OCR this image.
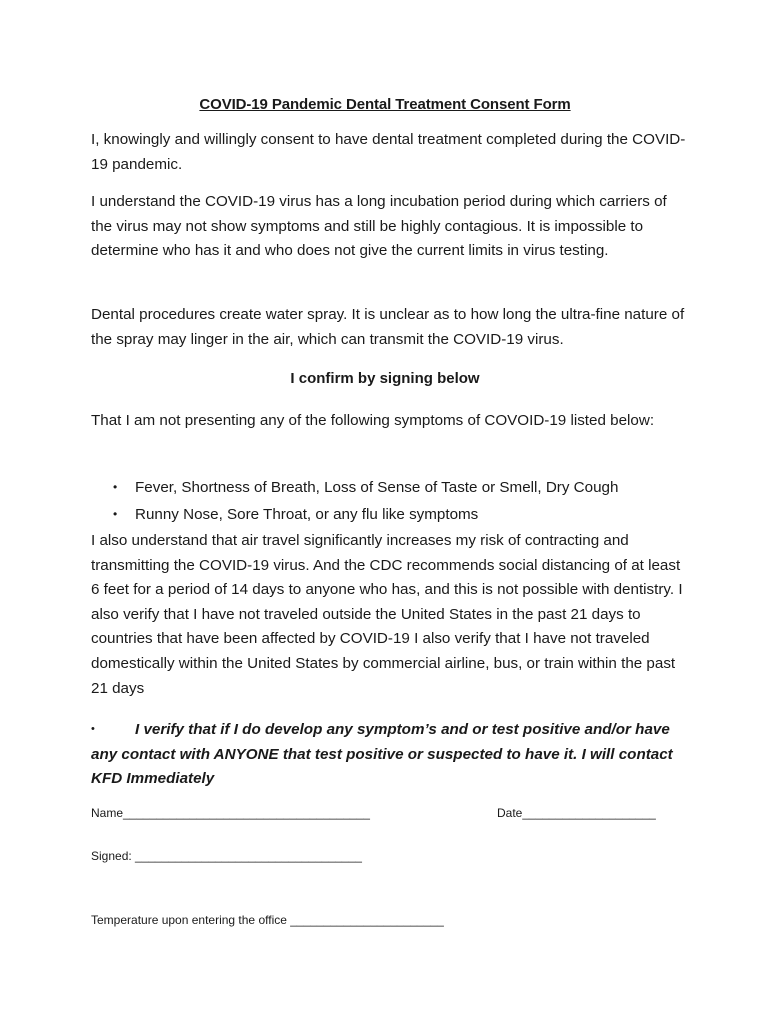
COVID-19 Pandemic Dental Treatment Consent Form
I, knowingly and willingly consent to have dental treatment completed during the COVID-19 pandemic.
I understand the COVID-19 virus has a long incubation period during which carriers of the virus may not show symptoms and still be highly contagious. It is impossible to determine who has it and who does not give the current limits in virus testing.
Dental procedures create water spray. It is unclear as to how long the ultra-fine nature of the spray may linger in the air, which can transmit the COVID-19 virus.
I confirm by signing below
That I am not presenting any of the following symptoms of COVOID-19 listed below:
• Fever, Shortness of Breath, Loss of Sense of Taste or Smell, Dry Cough
• Runny Nose, Sore Throat, or any flu like symptoms
I also understand that air travel significantly increases my risk of contracting and transmitting the COVID-19 virus. And the CDC recommends social distancing of at least 6 feet for a period of 14 days to anyone who has, and this is not possible with dentistry. I also verify that I have not traveled outside the United States in the past 21 days to countries that have been affected by COVID-19 I also verify that I have not traveled domestically within the United States by commercial airline, bus, or train within the past 21 days
•	I verify that if I do develop any symptom’s and or test positive and/or have any contact with ANYONE that test positive or suspected to have it. I will contact KFD Immediately
Name_____________________________________	Date____________________
Signed: __________________________________
Temperature upon entering the office _______________________
